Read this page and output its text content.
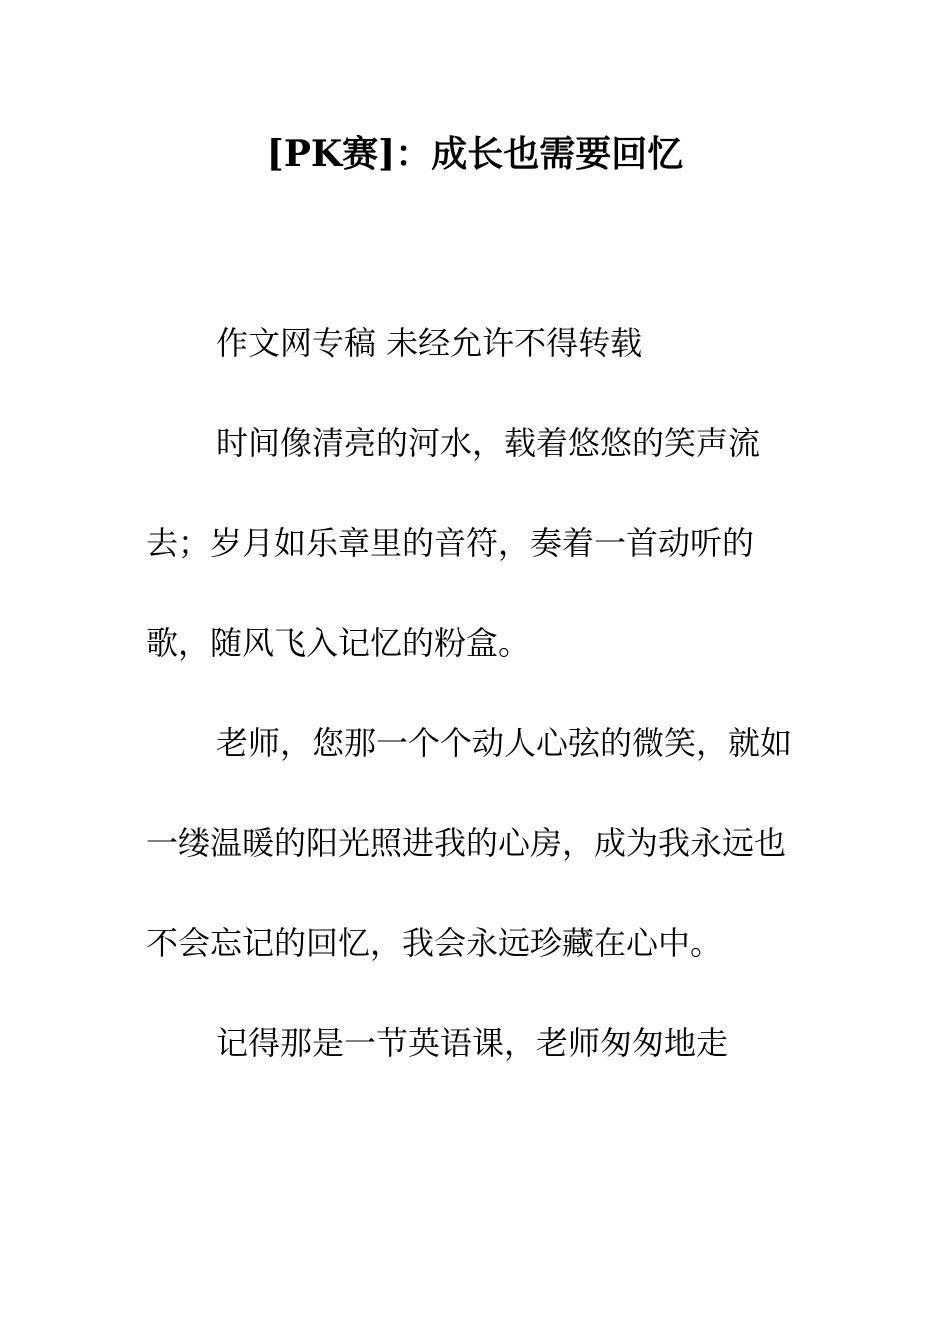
[PK赛]：成长也需要回忆

作文网专稿 未经允许不得转载

时间像清亮的河水，载着悠悠的笑声流去；岁月如乐章里的音符，奏着一首动听的歌，随风飞入记忆的粉盒。

老师，您那一个个动人心弦的微笑，就如一缕温暖的阳光照进我的心房，成为我永远也不会忘记的回忆，我会永远珍藏在心中。

记得那是一节英语课，老师匆匆地走
